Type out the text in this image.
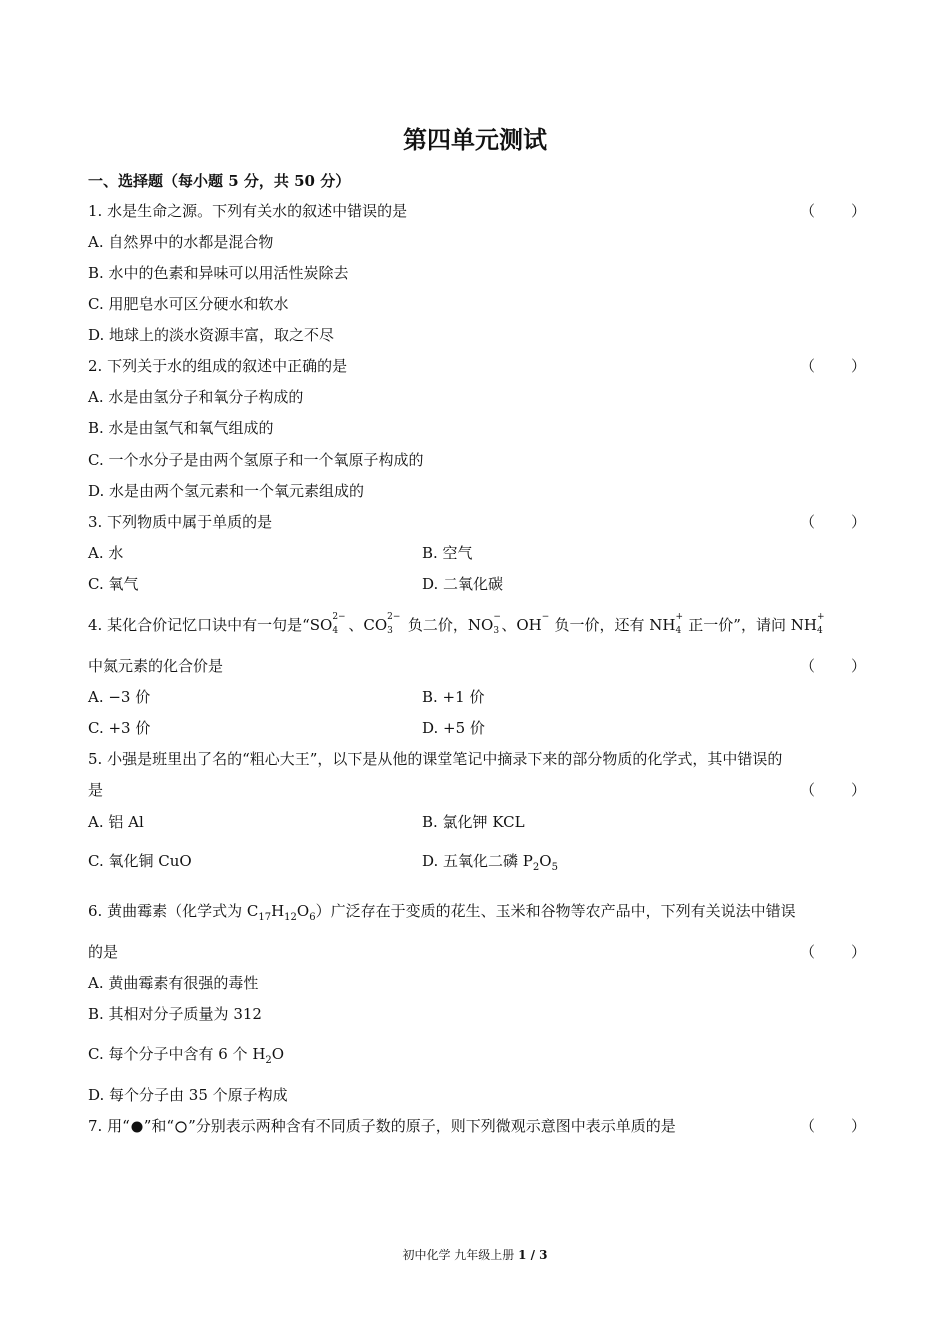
第四单元测试
一、选择题（每小题 5 分，共 50 分）
1. 水是生命之源。下列有关水的叙述中错误的是	（　　）
A. 自然界中的水都是混合物
B. 水中的色素和异味可以用活性炭除去
C. 用肥皂水可区分硬水和软水
D. 地球上的淡水资源丰富，取之不尽
2. 下列关于水的组成的叙述中正确的是	（　　）
A. 水是由氢分子和氧分子构成的
B. 水是由氢气和氧气组成的
C. 一个水分子是由两个氢原子和一个氧原子构成的
D. 水是由两个氢元素和一个氧元素组成的
3. 下列物质中属于单质的是	（　　）
A. 水	B. 空气
C. 氧气	D. 二氧化碳
4. 某化合价记忆口诀中有一句是“SO 2−
4 、CO 2−
3 负二价，NO −
3 、OH − 负一价，还有 NH +
4 正一价”，请问 NH +
4
中氮元素的化合价是	（　　）
A. −3 价	B. +1 价
C. +3 价	D. +5 价
5. 小强是班里出了名的“粗心大王”，以下是从他的课堂笔记中摘录下来的部分物质的化学式，其中错误的
是	（　　）
A. 铝 Al	B. 氯化钾 KCL
C. 氧化铜 CuO	D. 五氧化二磷 $P_2O_5$
6. 黄曲霉素（化学式为 $C_{17}H_{12}O_6$）广泛存在于变质的花生、玉米和谷物等农产品中，下列有关说法中错误
的是	（　　）
A. 黄曲霉素有很强的毒性
B. 其相对分子质量为 312
C. 每个分子中含有 6 个 $H_2O$
D. 每个分子由 35 个原子构成
7. 用“ ”和“ ”分别表示两种含有不同质子数的原子，则下列微观示意图中表示单质的是	（　　）
初中化学 九年级上册 1 / 3
